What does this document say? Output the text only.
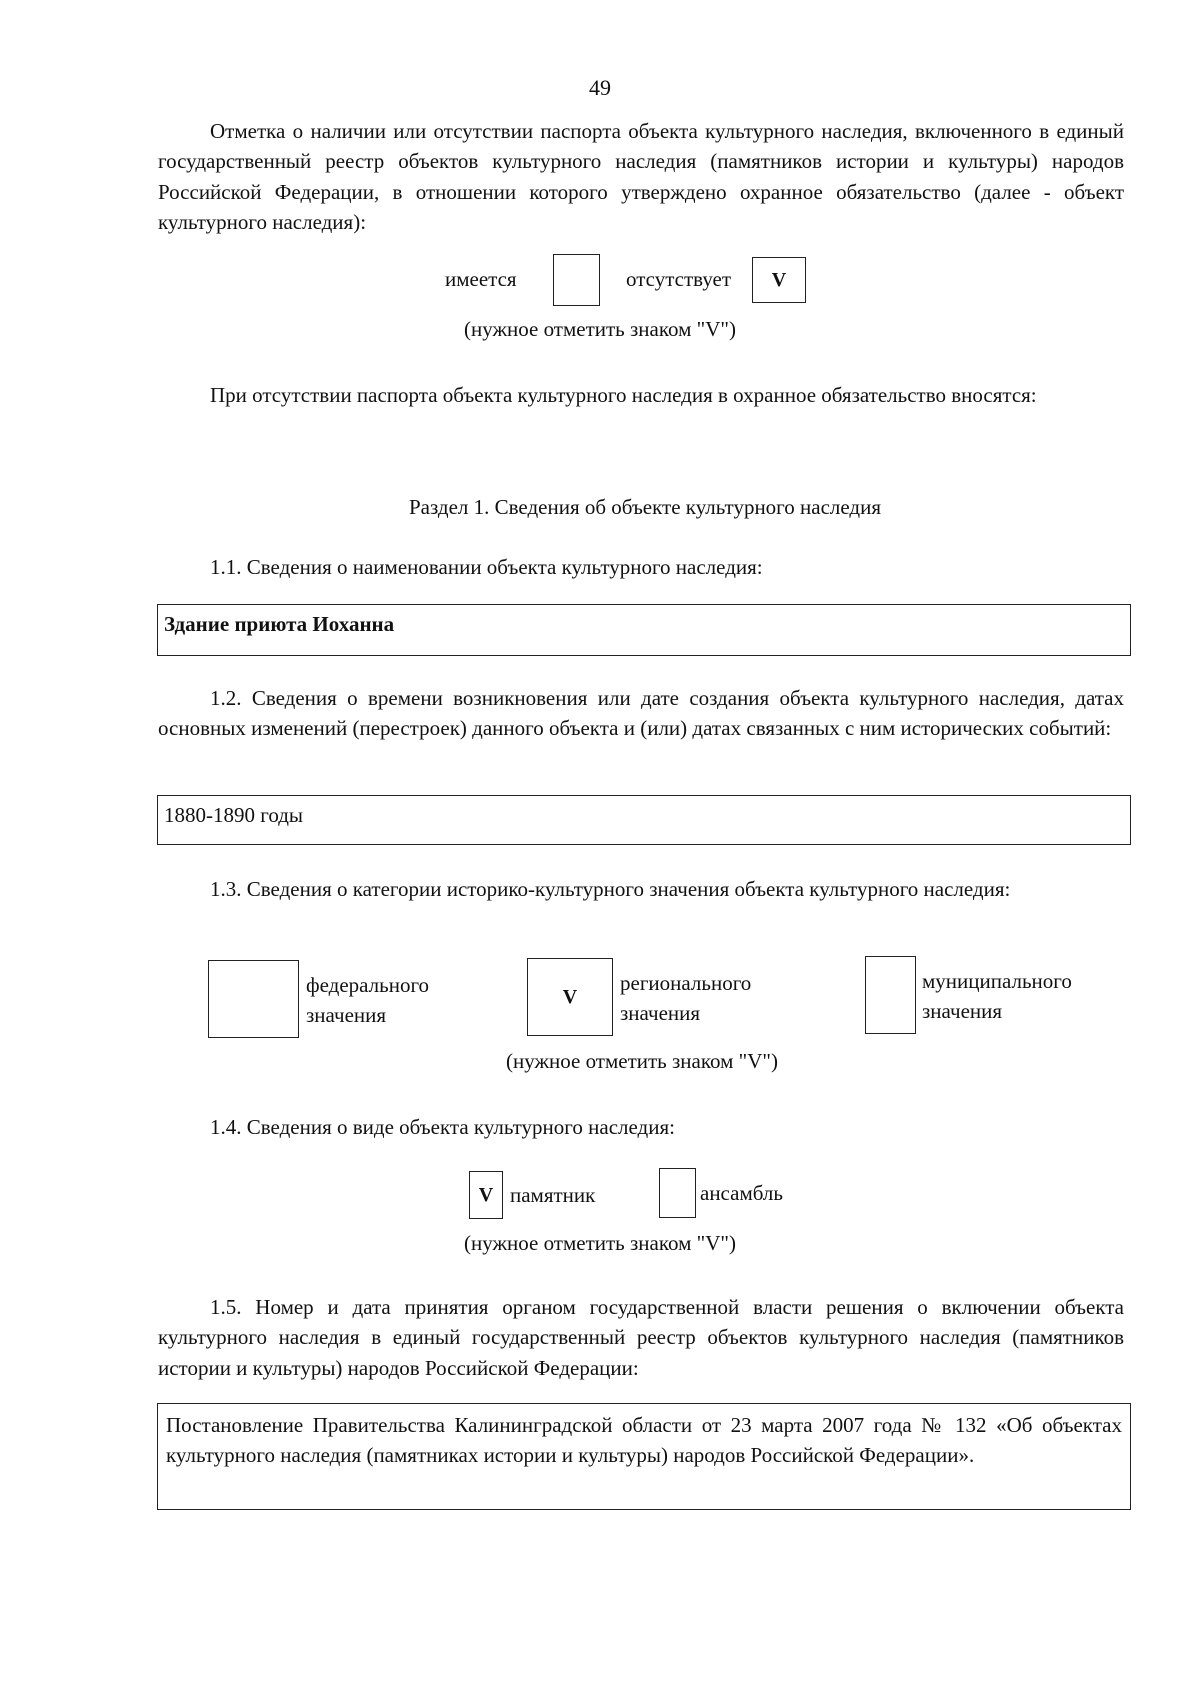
49
Отметка о наличии или отсутствии паспорта объекта культурного наследия, включенного в единый государственный реестр объектов культурного наследия (памятников истории и культуры) народов Российской Федерации, в отношении которого утверждено охранное обязательство (далее - объект культурного наследия):
имеется	отсутствует	V
(нужное отметить знаком "V")
При отсутствии паспорта объекта культурного наследия в охранное обязательство вносятся:
Раздел 1. Сведения об объекте культурного наследия
1.1. Сведения о наименовании объекта культурного наследия:
Здание приюта Иоханна
1.2. Сведения о времени возникновения или дате создания объекта культурного наследия, датах основных изменений (перестроек) данного объекта и (или) датах связанных с ним исторических событий:
1880-1890 годы
1.3. Сведения о категории историко-культурного значения объекта культурного наследия:
федерального значения
V
регионального значения
муниципального значения
(нужное отметить знаком "V")
1.4. Сведения о виде объекта культурного наследия:
V памятник	ансамбль
(нужное отметить знаком "V")
1.5. Номер и дата принятия органом государственной власти решения о включении объекта культурного наследия в единый государственный реестр объектов культурного наследия (памятников истории и культуры) народов Российской Федерации:
Постановление Правительства Калининградской области от 23 марта 2007 года № 132 «Об объектах культурного наследия (памятниках истории и культуры) народов Российской Федерации».
